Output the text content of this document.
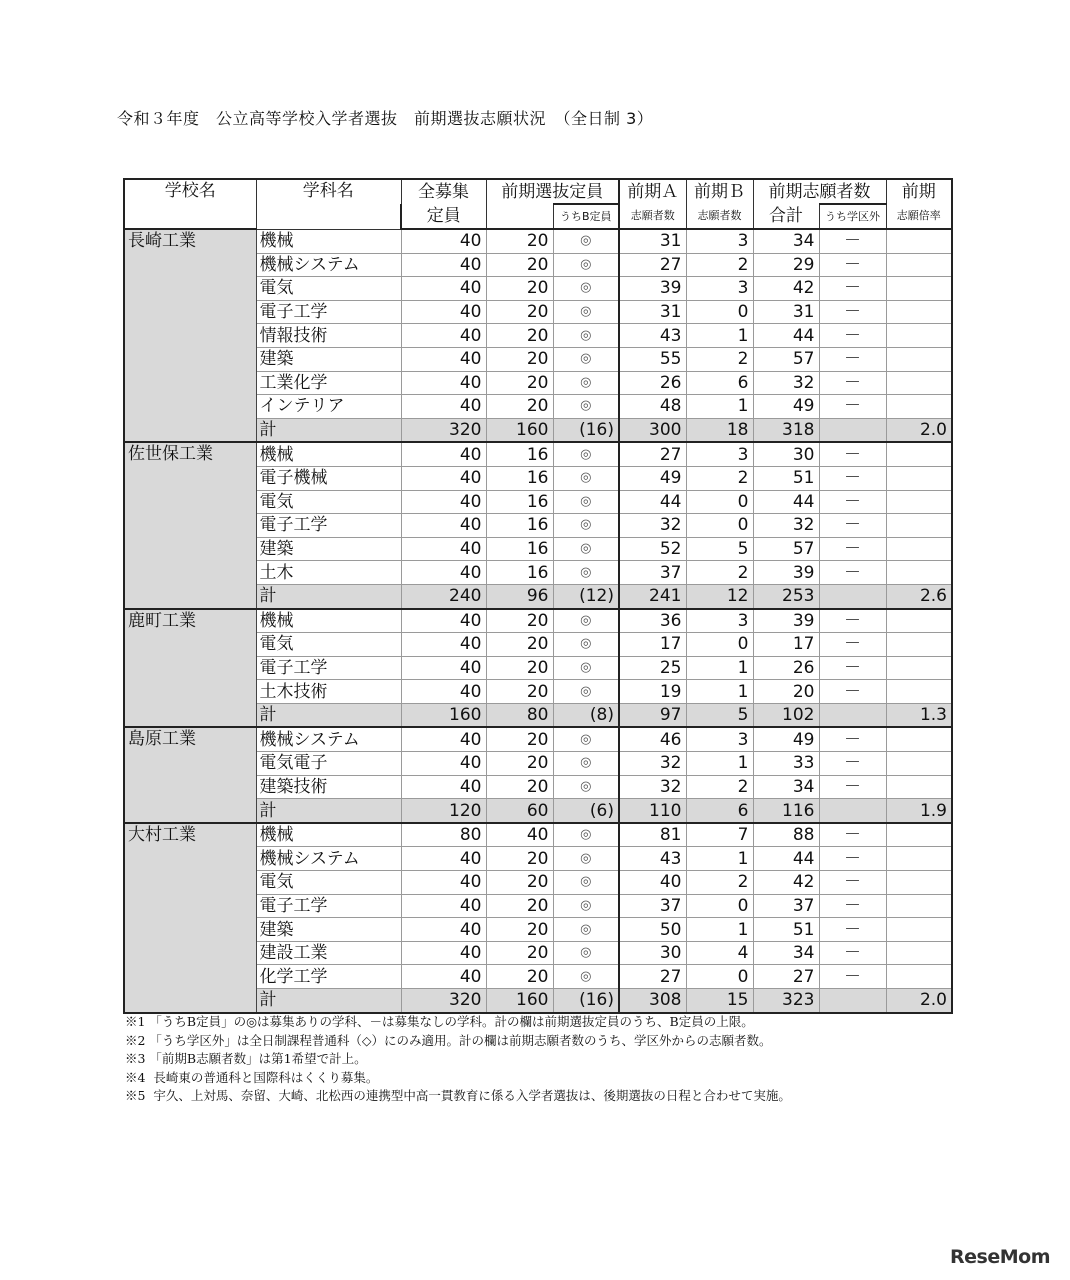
令和３年度　公立高等学校入学者選抜　前期選抜志願状況　（全日制 3）
学校名	学科名	全募集	前期選抜定員		前期Ａ	前期Ｂ	前期志願者数		前期
		定員		うちB定員	志願者数	志願者数	合計	うち学区外	志願倍率
長崎工業	機械	40	20	◎	31	3	34	－	
	機械システム	40	20	◎	27	2	29	－	
	電気	40	20	◎	39	3	42	－	
	電子工学	40	20	◎	31	0	31	－	
	情報技術	40	20	◎	43	1	44	－	
	建築	40	20	◎	55	2	57	－	
	工業化学	40	20	◎	26	6	32	－	
	インテリア	40	20	◎	48	1	49	－	
	計	320	160	(16)	300	18	318		2.0
佐世保工業	機械	40	16	◎	27	3	30	－	
	電子機械	40	16	◎	49	2	51	－	
	電気	40	16	◎	44	0	44	－	
	電子工学	40	16	◎	32	0	32	－	
	建築	40	16	◎	52	5	57	－	
	土木	40	16	◎	37	2	39	－	
	計	240	96	(12)	241	12	253		2.6
鹿町工業	機械	40	20	◎	36	3	39	－	
	電気	40	20	◎	17	0	17	－	
	電子工学	40	20	◎	25	1	26	－	
	土木技術	40	20	◎	19	1	20	－	
	計	160	80	(8)	97	5	102		1.3
島原工業	機械システム	40	20	◎	46	3	49	－	
	電気電子	40	20	◎	32	1	33	－	
	建築技術	40	20	◎	32	2	34	－	
	計	120	60	(6)	110	6	116		1.9
大村工業	機械	80	40	◎	81	7	88	－	
	機械システム	40	20	◎	43	1	44	－	
	電気	40	20	◎	40	2	42	－	
	電子工学	40	20	◎	37	0	37	－	
	建築	40	20	◎	50	1	51	－	
	建設工業	40	20	◎	30	4	34	－	
	化学工学	40	20	◎	27	0	27	－	
	計	320	160	(16)	308	15	323		2.0
※1 「うちB定員」の◎は募集ありの学科、－は募集なしの学科。計の欄は前期選抜定員のうち、B定員の上限。
※2 「うち学区外」は全日制課程普通科（◇）にのみ適用。計の欄は前期志願者数のうち、学区外からの志願者数。
※3 「前期B志願者数」は第1希望で計上。
※4  長崎東の普通科と国際科はくくり募集。
※5  宇久、上対馬、奈留、大崎、北松西の連携型中高一貫教育に係る入学者選抜は、後期選抜の日程と合わせて実施。
ReseMom
